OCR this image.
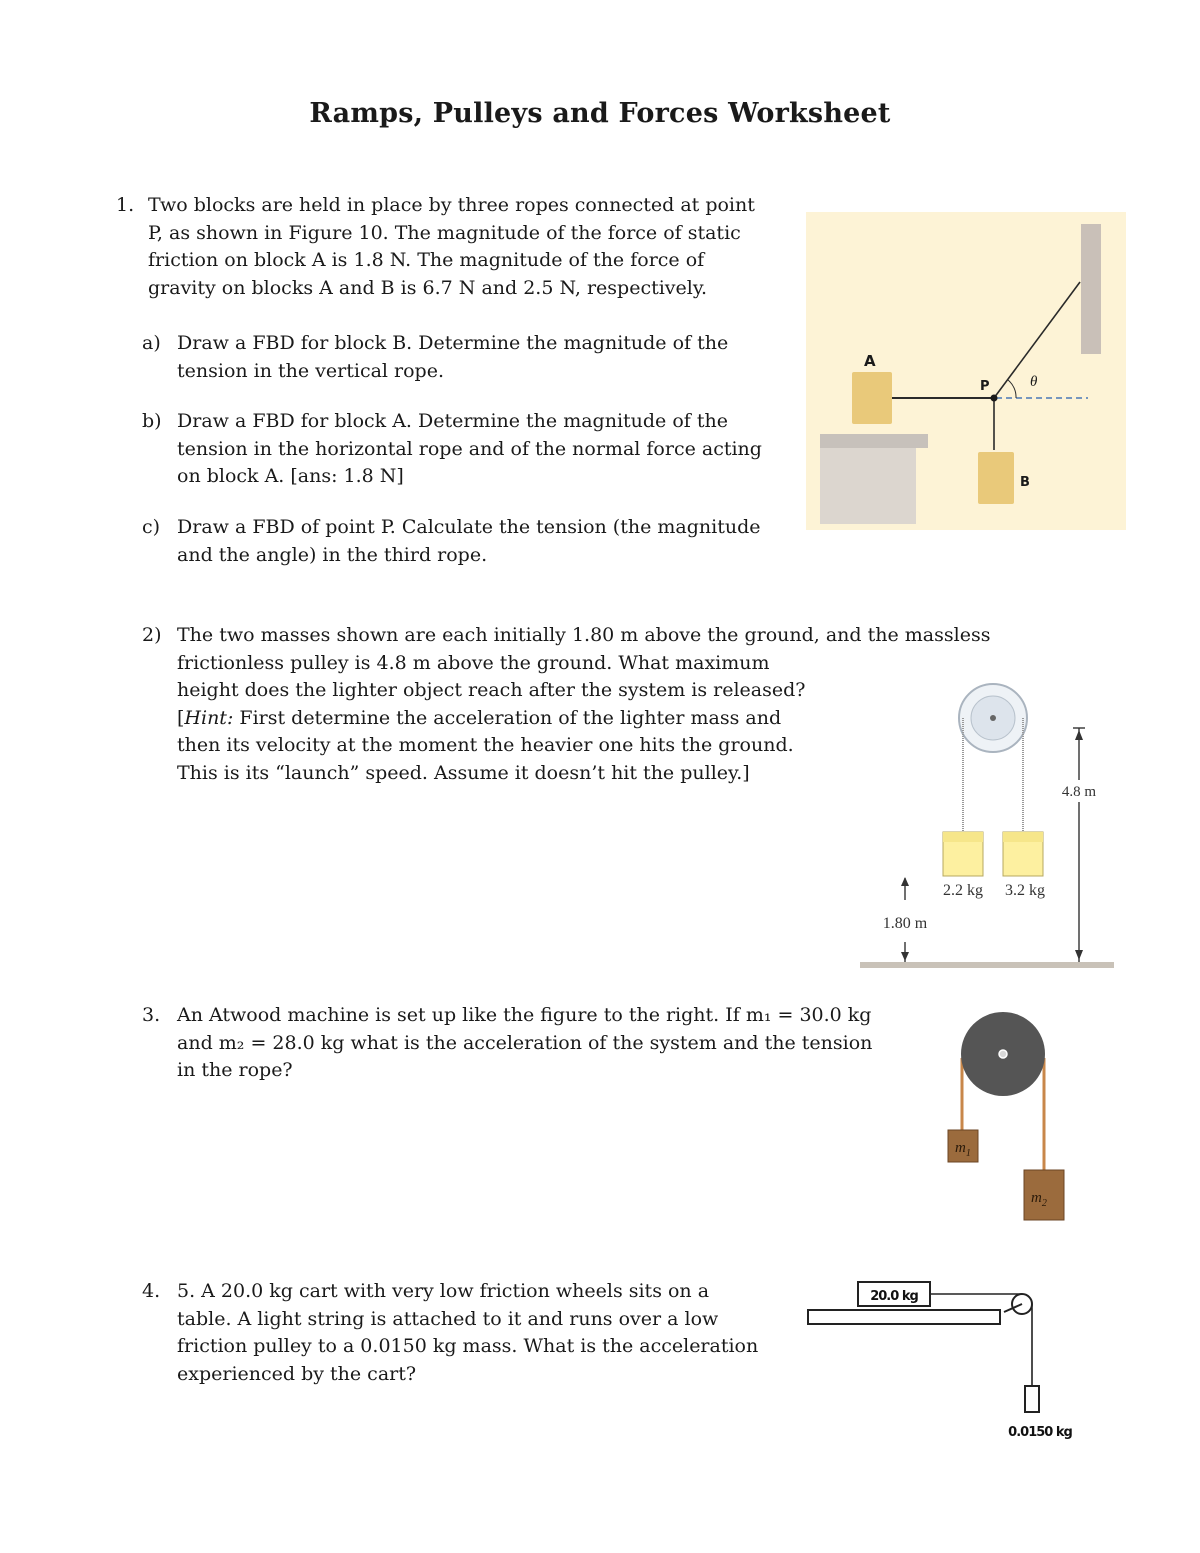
Ramps, Pulleys and Forces Worksheet
1. Two blocks are held in place by three ropes connected at point
P, as shown in Figure 10. The magnitude of the force of static
friction on block A is 1.8 N. The magnitude of the force of
gravity on blocks A and B is 6.7 N and 2.5 N, respectively.
a) Draw a FBD for block B. Determine the magnitude of the
tension in the vertical rope.
b) Draw a FBD for block A. Determine the magnitude of the
tension in the horizontal rope and of the normal force acting
on block A. [ans: 1.8 N]
c) Draw a FBD of point P. Calculate the tension (the magnitude
and the angle) in the third rope.
A
P	θ
B
2) The two masses shown are each initially 1.80 m above the ground, and the massless
frictionless pulley is 4.8 m above the ground. What maximum
height does the lighter object reach after the system is released?
[Hint: First determine the acceleration of the lighter mass and
then its velocity at the moment the heavier one hits the ground.
This is its “launch” speed. Assume it doesn’t hit the pulley.]
4.8 m
1.80 m
2.2 kg 3.2 kg
3. An Atwood machine is set up like the figure to the right. If m₁ = 30.0 kg
and m₂ = 28.0 kg what is the acceleration of the system and the tension
in the rope?
$m_1$
$m_2$
4. 5. A 20.0 kg cart with very low friction wheels sits on a
table. A light string is attached to it and runs over a low
friction pulley to a 0.0150 kg mass. What is the acceleration
experienced by the cart?
20.0 kg
0.0150 kg
